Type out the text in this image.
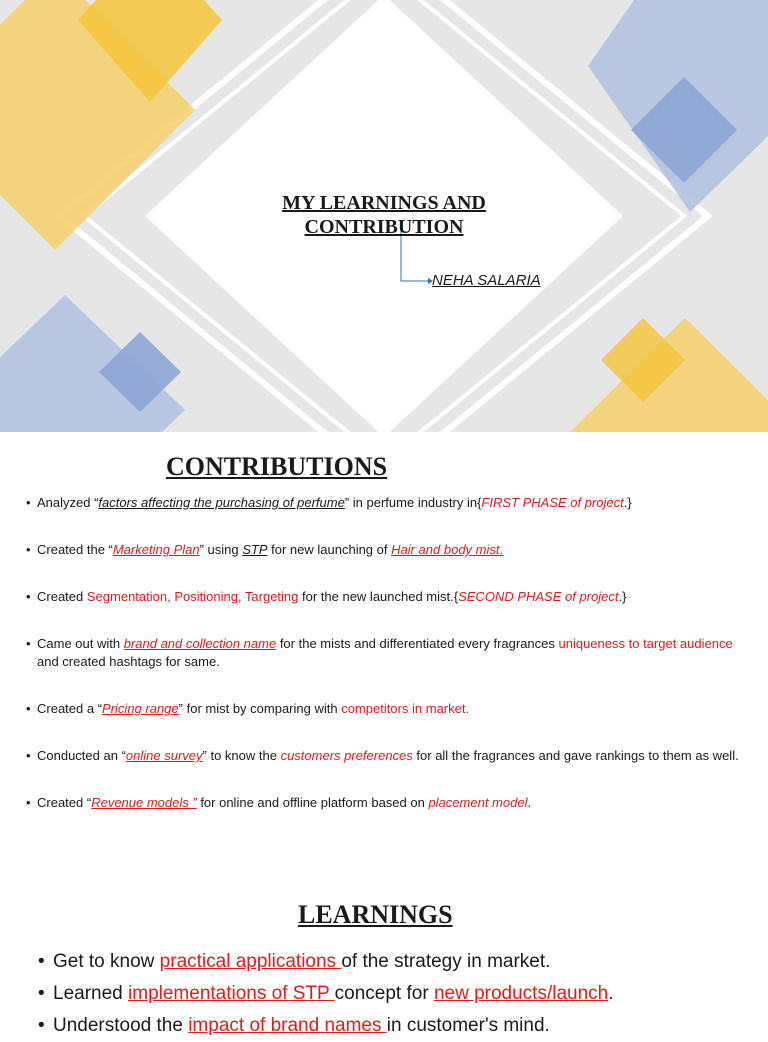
MY LEARNINGS AND
CONTRIBUTION
NEHA SALARIA
CONTRIBUTIONS
• Analyzed “factors affecting the purchasing of perfume” in perfume industry in{FIRST PHASE of project.}
• Created the “Marketing Plan” using STP for new launching of Hair and body mist.
• Created Segmentation, Positioning, Targeting for the new launched mist.{SECOND PHASE of project.}
• Came out with brand and collection name for the mists and differentiated every fragrances uniqueness to target audience and created hashtags for same.
• Created a “Pricing range” for mist by comparing with competitors in market.
• Conducted an “online survey” to know the customers preferences for all the fragrances and gave rankings to them as well.
• Created “Revenue models ” for online and offline platform based on placement model.
LEARNINGS
• Get to know practical applications of the strategy in market.
• Learned implementations of STP concept for new products/launch.
• Understood the impact of brand names in customer's mind.
